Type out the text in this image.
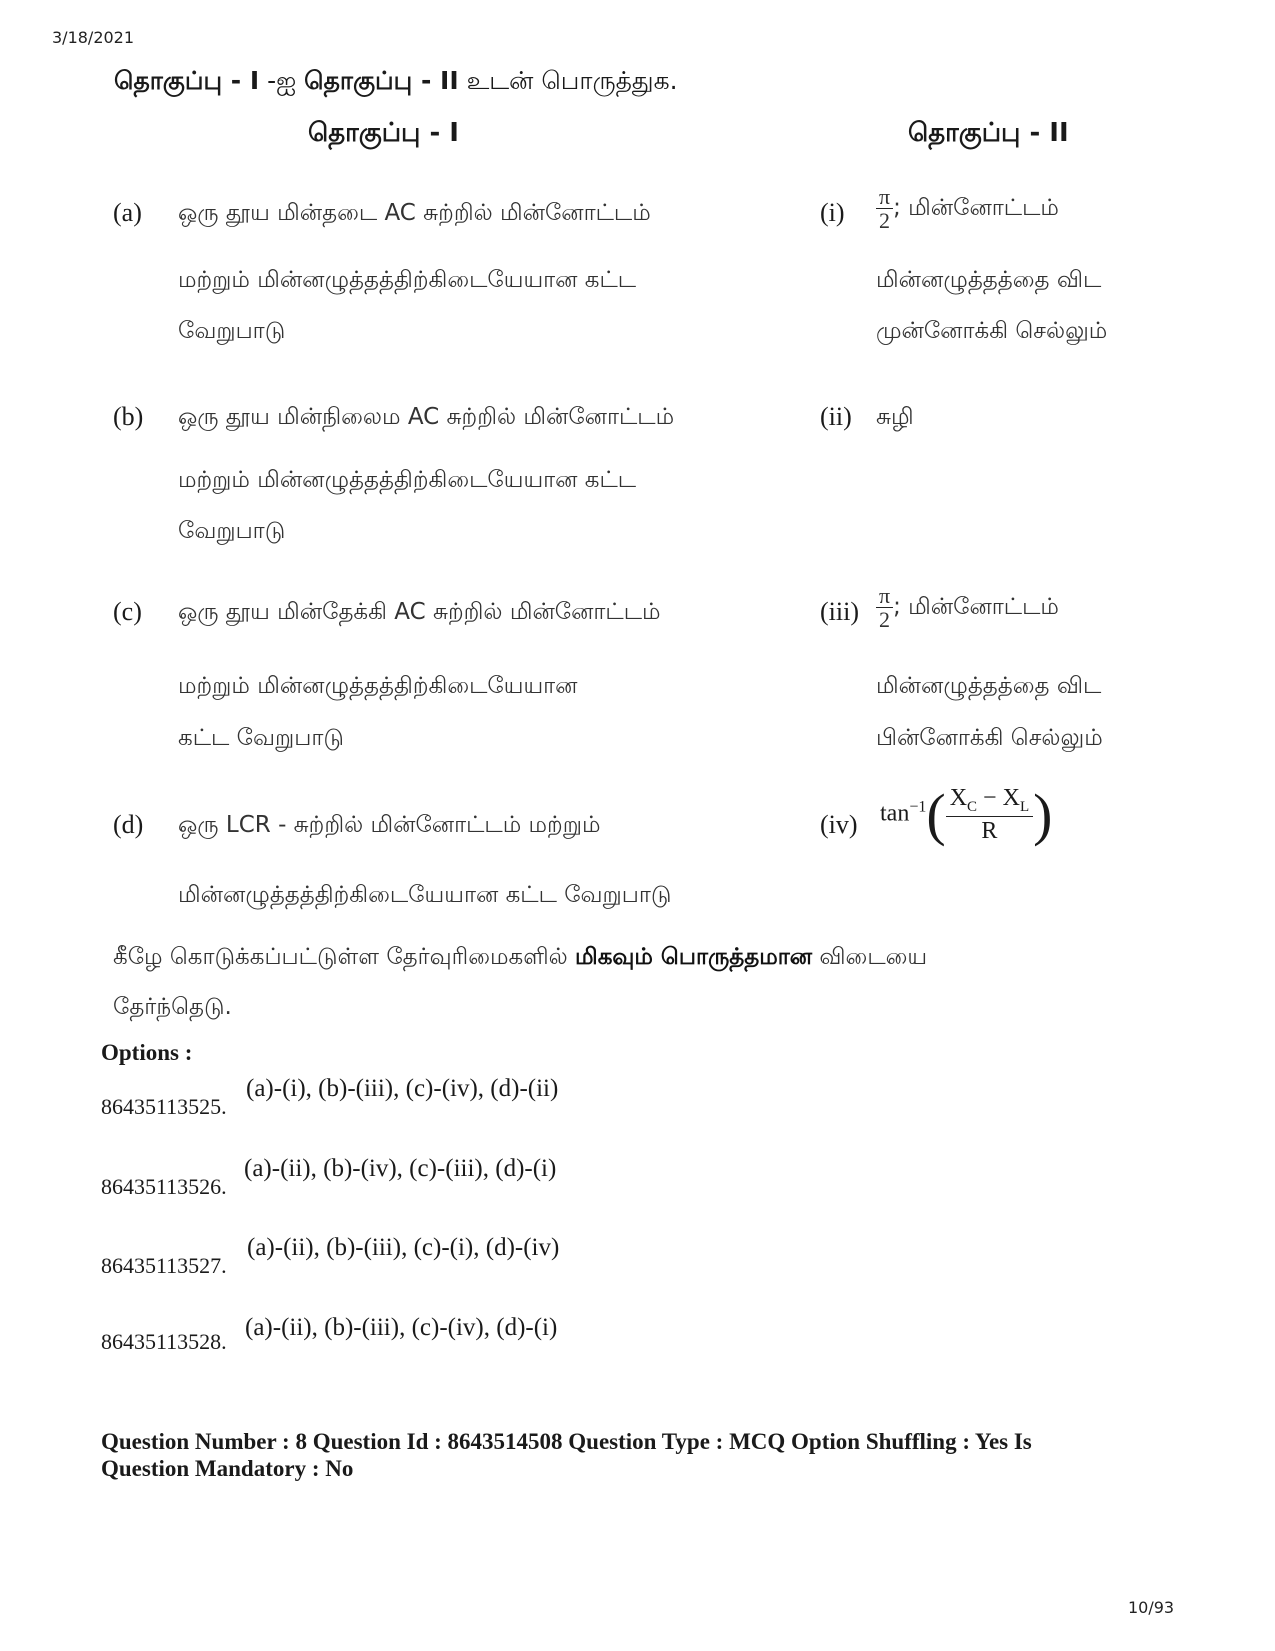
3/18/2021
தொகுப்பு - I -ஐ தொகுப்பு - II உடன் பொருத்துக.
தொகுப்பு - I	தொகுப்பு - II
(a) ஒரு தூய மின்தடை AC சுற்றில் மின்னோட்டம்
மற்றும் மின்னழுத்தத்திற்கிடையேயான கட்ட
வேறுபாடு
(b) ஒரு தூய மின்நிலைம AC சுற்றில் மின்னோட்டம்
மற்றும் மின்னழுத்தத்திற்கிடையேயான கட்ட
வேறுபாடு
(c) ஒரு தூய மின்தேக்கி AC சுற்றில் மின்னோட்டம்
மற்றும் மின்னழுத்தத்திற்கிடையேயான
கட்ட வேறுபாடு
(d) ஒரு LCR - சுற்றில் மின்னோட்டம் மற்றும்
மின்னழுத்தத்திற்கிடையேயான கட்ட வேறுபாடு
$(i) \frac{\pi}{2}$ ; மின்னோட்டம்
மின்னழுத்தத்தை விட
முன்னோக்கி செல்லும்
(ii) சுழி
$(iii) \frac{\pi}{2}$ ; மின்னோட்டம்
மின்னழுத்தத்தை விட
பின்னோக்கி செல்லும்
(iv) $\tan^{-1}( \frac{X_C - X_L}{R}$ )
கீழே கொடுக்கப்பட்டுள்ள தேர்வுரிமைகளில் மிகவும் பொருத்தமான விடையை
தேர்ந்தெடு.
Options :
86435113525.
(a)-(i), (b)-(iii), (c)-(iv), (d)-(ii)
86435113526.
(a)-(ii), (b)-(iv), (c)-(iii), (d)-(i)
86435113527.
(a)-(ii), (b)-(iii), (c)-(i), (d)-(iv)
86435113528.
(a)-(ii), (b)-(iii), (c)-(iv), (d)-(i)
Question Number : 8 Question Id : 8643514508 Question Type : MCQ Option Shuffling : Yes Is
Question Mandatory : No
10/93
